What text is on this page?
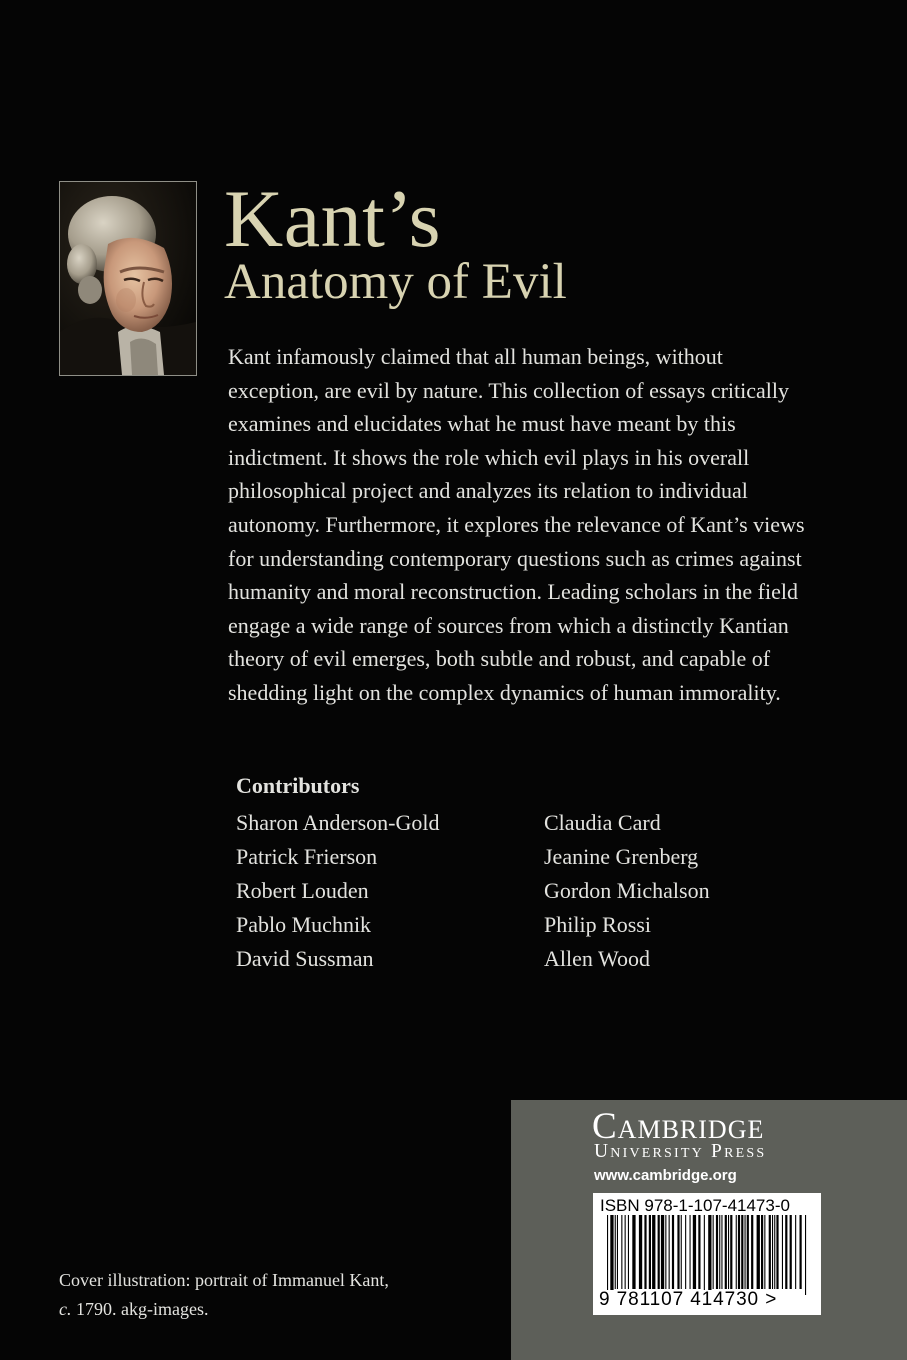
Kant’s
Anatomy of Evil
Kant infamously claimed that all human beings, without
exception, are evil by nature. This collection of essays critically
examines and elucidates what he must have meant by this
indictment. It shows the role which evil plays in his overall
philosophical project and analyzes its relation to individual
autonomy. Furthermore, it explores the relevance of Kant’s views
for understanding contemporary questions such as crimes against
humanity and moral reconstruction. Leading scholars in the field
engage a wide range of sources from which a distinctly Kantian
theory of evil emerges, both subtle and robust, and capable of
shedding light on the complex dynamics of human immorality.
Contributors
Sharon Anderson-Gold
Patrick Frierson
Robert Louden
Pablo Muchnik
David Sussman
Claudia Card
Jeanine Grenberg
Gordon Michalson
Philip Rossi
Allen Wood
Cover illustration: portrait of Immanuel Kant,
c. 1790. akg-images.
Cambridge
University Press
www.cambridge.org
ISBN 978-1-107-41473-0
9 781107 414730 >
